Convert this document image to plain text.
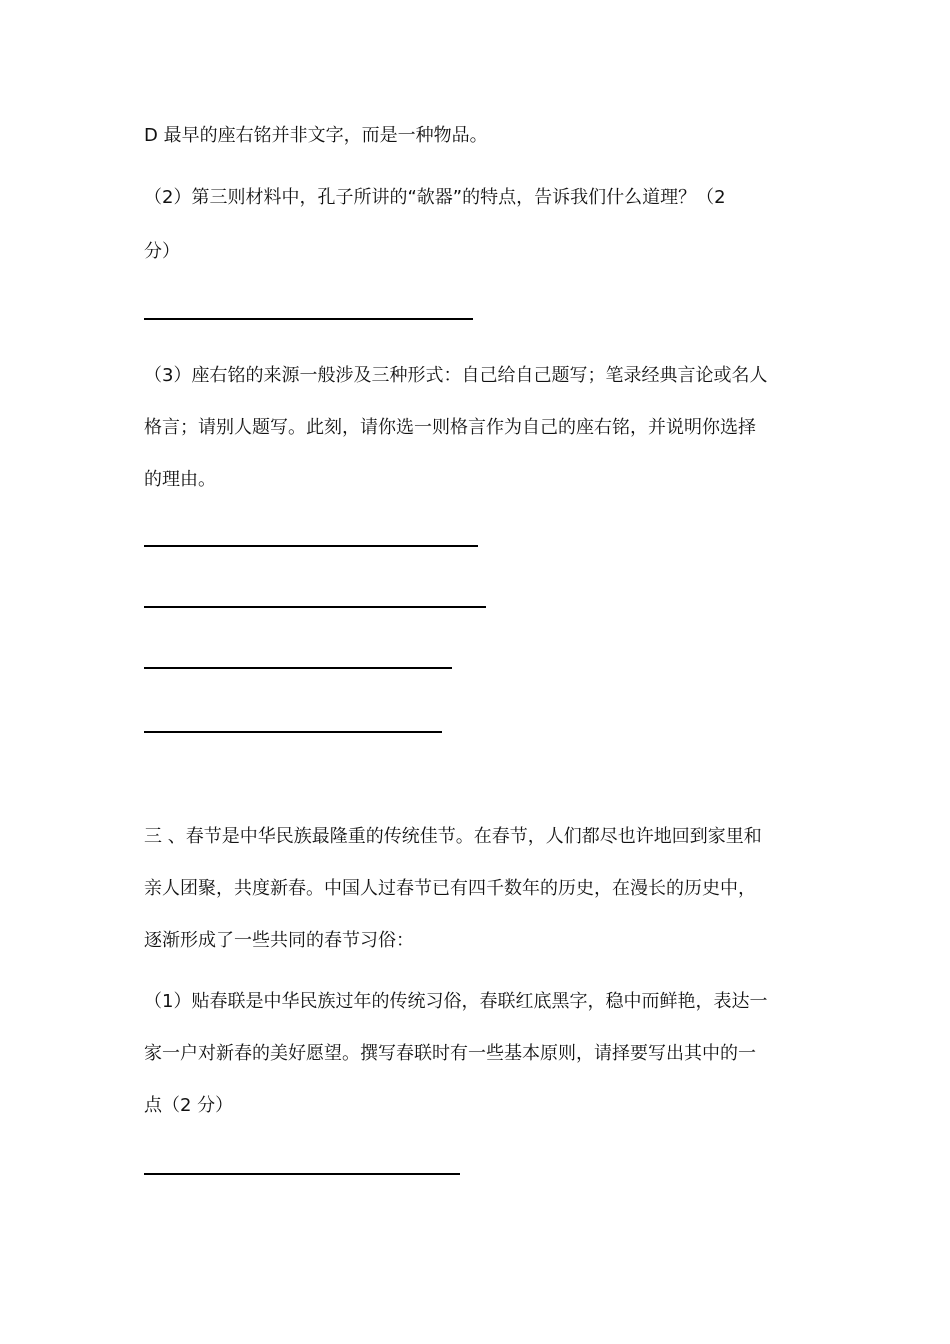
D 最早的座右铭并非文字，而是一种物品。

（2）第三则材料中，孔子所讲的“欹器”的特点，告诉我们什么道理？（2

分）

（3）座右铭的来源一般涉及三种形式：自己给自己题写；笔录经典言论或名人

格言；请别人题写。此刻，请你选一则格言作为自己的座右铭，并说明你选择

的理由。

三 、春节是中华民族最隆重的传统佳节。在春节，人们都尽也许地回到家里和

亲人团聚，共度新春。中国人过春节已有四千数年的历史，在漫长的历史中，

逐渐形成了一些共同的春节习俗：

（1）贴春联是中华民族过年的传统习俗，春联红底黑字，稳中而鲜艳，表达一

家一户对新春的美好愿望。撰写春联时有一些基本原则，请择要写出其中的一

点（2 分）
